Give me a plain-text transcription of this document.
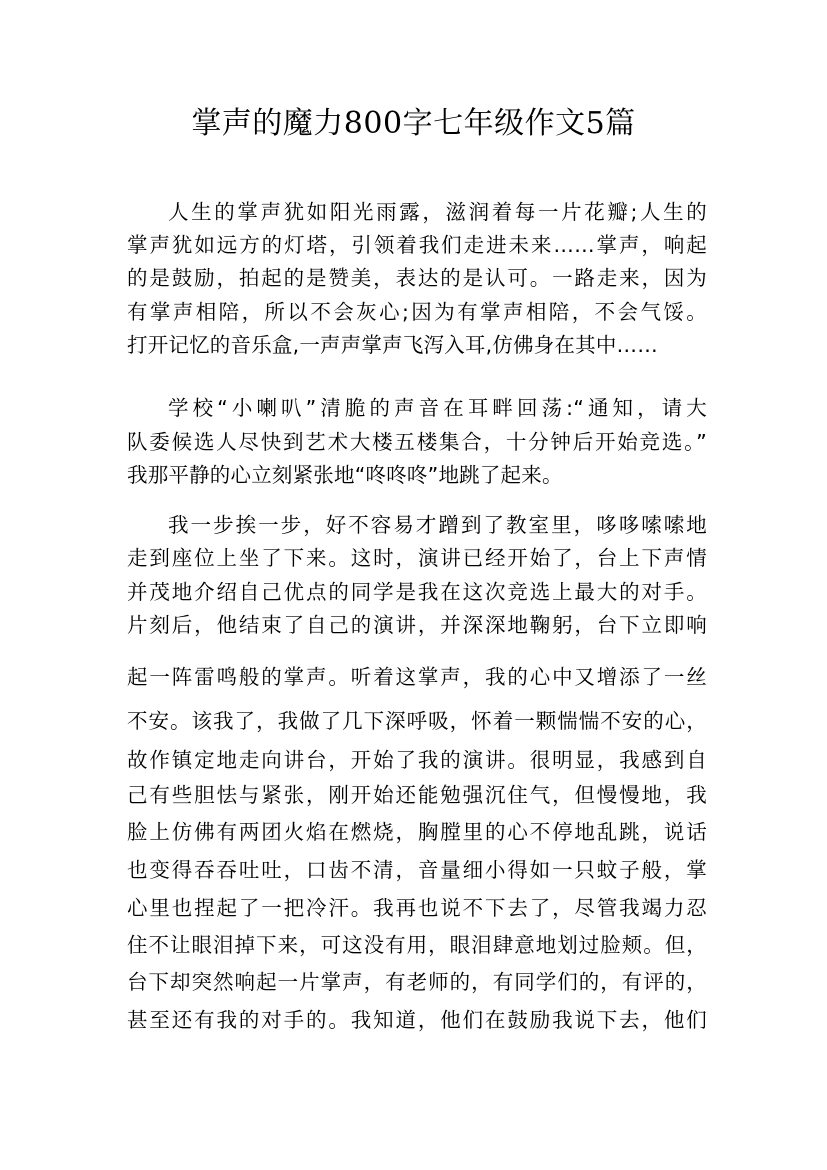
掌声的魔力800字七年级作文5篇
人生的掌声犹如阳光雨露，滋润着每一片花瓣;人生的
掌声犹如远方的灯塔，引领着我们走进未来……掌声，响起
的是鼓励，拍起的是赞美，表达的是认可。一路走来，因为
有掌声相陪，所以不会灰心;因为有掌声相陪，不会气馁。
打开记忆的音乐盒,一声声掌声飞泻入耳,仿佛身在其中……
学校“小喇叭”清脆的声音在耳畔回荡:“通知，请大
队委候选人尽快到艺术大楼五楼集合，十分钟后开始竞选。”
我那平静的心立刻紧张地“咚咚咚”地跳了起来。
我一步挨一步，好不容易才蹭到了教室里，哆哆嗦嗦地
走到座位上坐了下来。这时，演讲已经开始了，台上下声情
并茂地介绍自己优点的同学是我在这次竞选上最大的对手。
片刻后，他结束了自己的演讲，并深深地鞠躬，台下立即响
起一阵雷鸣般的掌声。听着这掌声，我的心中又增添了一丝
不安。该我了，我做了几下深呼吸，怀着一颗惴惴不安的心，
故作镇定地走向讲台，开始了我的演讲。很明显，我感到自
己有些胆怯与紧张，刚开始还能勉强沉住气，但慢慢地，我
脸上仿佛有两团火焰在燃烧，胸膛里的心不停地乱跳，说话
也变得吞吞吐吐，口齿不清，音量细小得如一只蚊子般，掌
心里也捏起了一把冷汗。我再也说不下去了，尽管我竭力忍
住不让眼泪掉下来，可这没有用，眼泪肆意地划过脸颊。但，
台下却突然响起一片掌声，有老师的，有同学们的，有评的，
甚至还有我的对手的。我知道，他们在鼓励我说下去，他们
